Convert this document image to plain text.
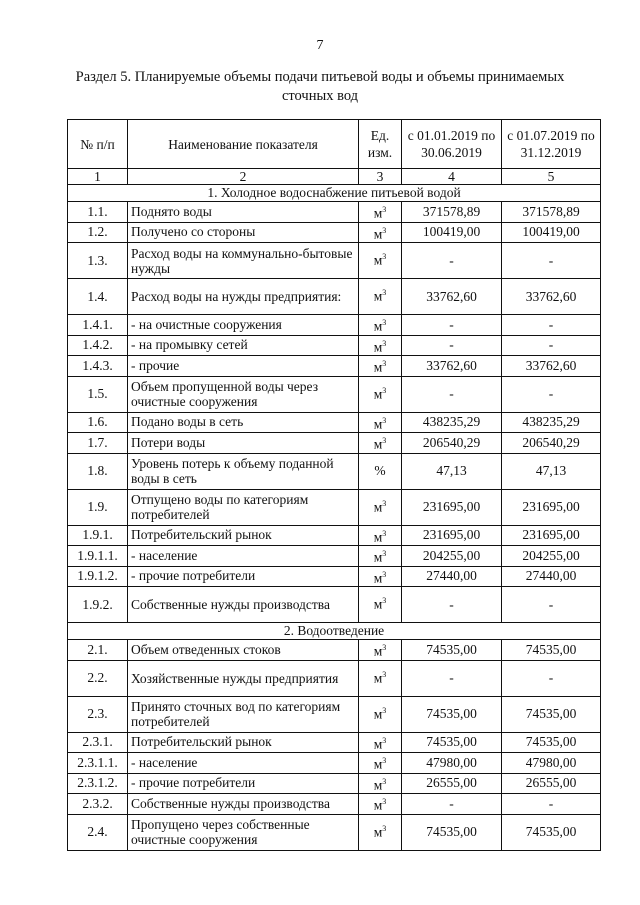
7
Раздел 5. Планируемые объемы подачи питьевой воды и объемы принимаемых сточных вод
№ п/п	Наименование показателя	Ед. изм.	с 01.01.2019 по 30.06.2019	с 01.07.2019 по 31.12.2019
1	2	3	4	5
1. Холодное водоснабжение питьевой водой				
1.1.	Поднято воды	$м^3$	371578,89	371578,89
1.2.	Получено со стороны	$м^3$	100419,00	100419,00
1.3.	Расход воды на коммунально-бытовые нужды	$м^3$	-	-
1.4.	Расход воды на нужды предприятия:	$м^3$	33762,60	33762,60
1.4.1.	- на очистные сооружения	$м^3$	-	-
1.4.2.	- на промывку сетей	$м^3$	-	-
1.4.3.	- прочие	$м^3$	33762,60	33762,60
1.5.	Объем пропущенной воды через очистные сооружения	$м^3$	-	-
1.6.	Подано воды в сеть	$м^3$	438235,29	438235,29
1.7.	Потери воды	$м^3$	206540,29	206540,29
1.8.	Уровень потерь к объему поданной воды в сеть	%	47,13	47,13
1.9.	Отпущено воды по категориям потребителей	$м^3$	231695,00	231695,00
1.9.1.	Потребительский рынок	$м^3$	231695,00	231695,00
1.9.1.1.	- население	$м^3$	204255,00	204255,00
1.9.1.2.	- прочие потребители	$м^3$	27440,00	27440,00
1.9.2.	Собственные нужды производства	$м^3$	-	-
2. Водоотведение				
2.1.	Объем отведенных стоков	$м^3$	74535,00	74535,00
2.2.	Хозяйственные нужды предприятия	$м^3$	-	-
2.3.	Принято сточных вод по категориям потребителей	$м^3$	74535,00	74535,00
2.3.1.	Потребительский рынок	$м^3$	74535,00	74535,00
2.3.1.1.	- население	$м^3$	47980,00	47980,00
2.3.1.2.	- прочие потребители	$м^3$	26555,00	26555,00
2.3.2.	Собственные нужды производства	$м^3$	-	-
2.4.	Пропущено через собственные очистные сооружения	$м^3$	74535,00	74535,00
